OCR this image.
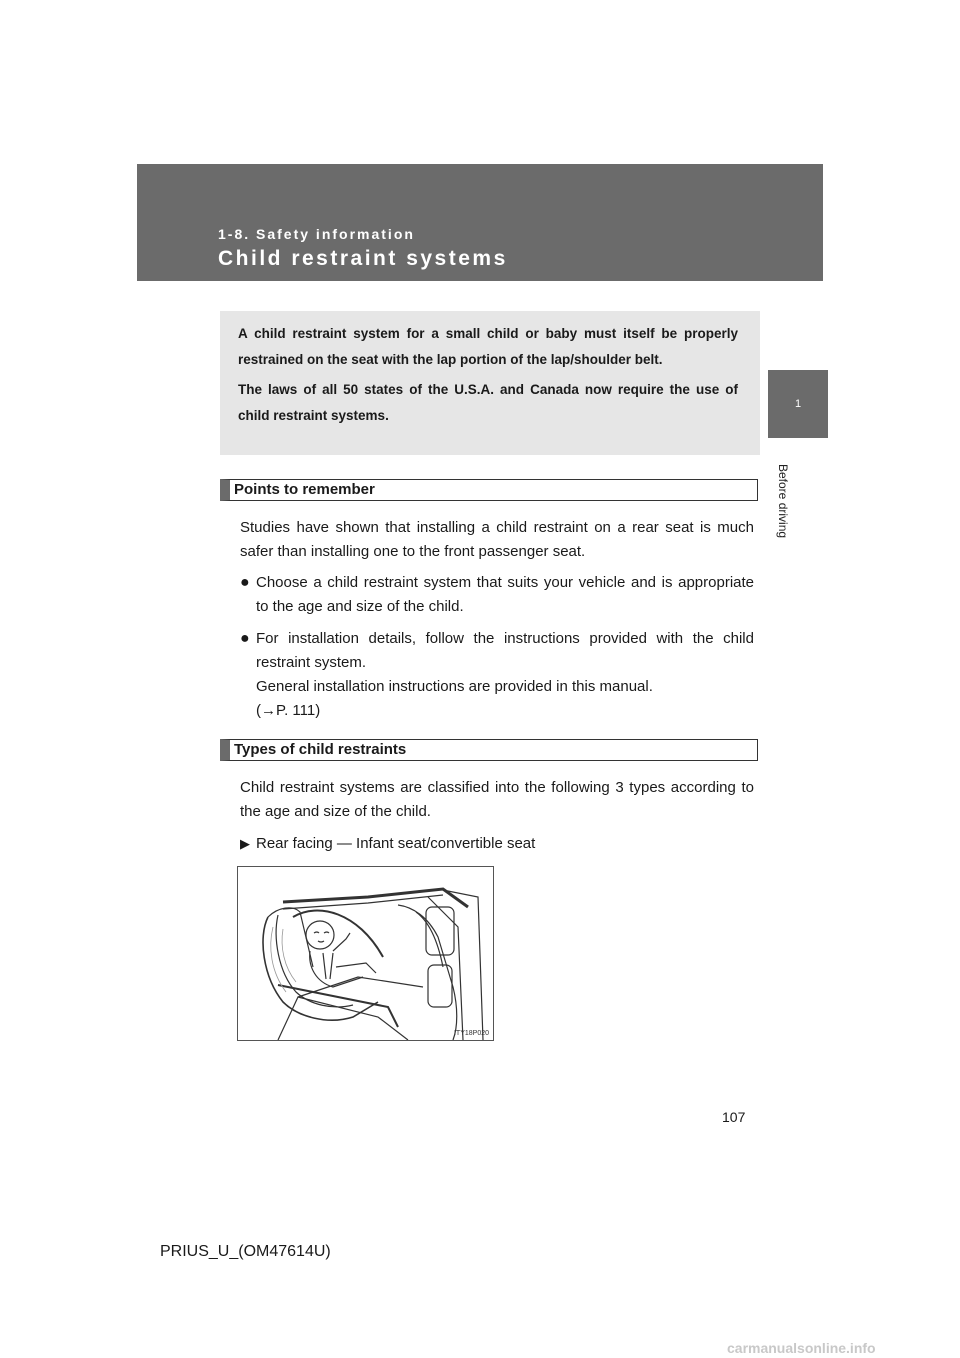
1-8. Safety information
Child restraint systems
1
Before driving

A child restraint system for a small child or baby must itself be properly restrained on the seat with the lap portion of the lap/shoulder belt.

The laws of all 50 states of the U.S.A. and Canada now require the use of child restraint systems.

Points to remember

Studies have shown that installing a child restraint on a rear seat is much safer than installing one to the front passenger seat.

● Choose a child restraint system that suits your vehicle and is appropriate to the age and size of the child.
● For installation details, follow the instructions provided with the child restraint system.
General installation instructions are provided in this manual.
(→P. 111)
Types of child restraints

Child restraint systems are classified into the following 3 types according to the age and size of the child.

▶ Rear facing — Infant seat/convertible seat
ITY18P020
107
PRIUS_U_(OM47614U)
carmanualsonline.info
